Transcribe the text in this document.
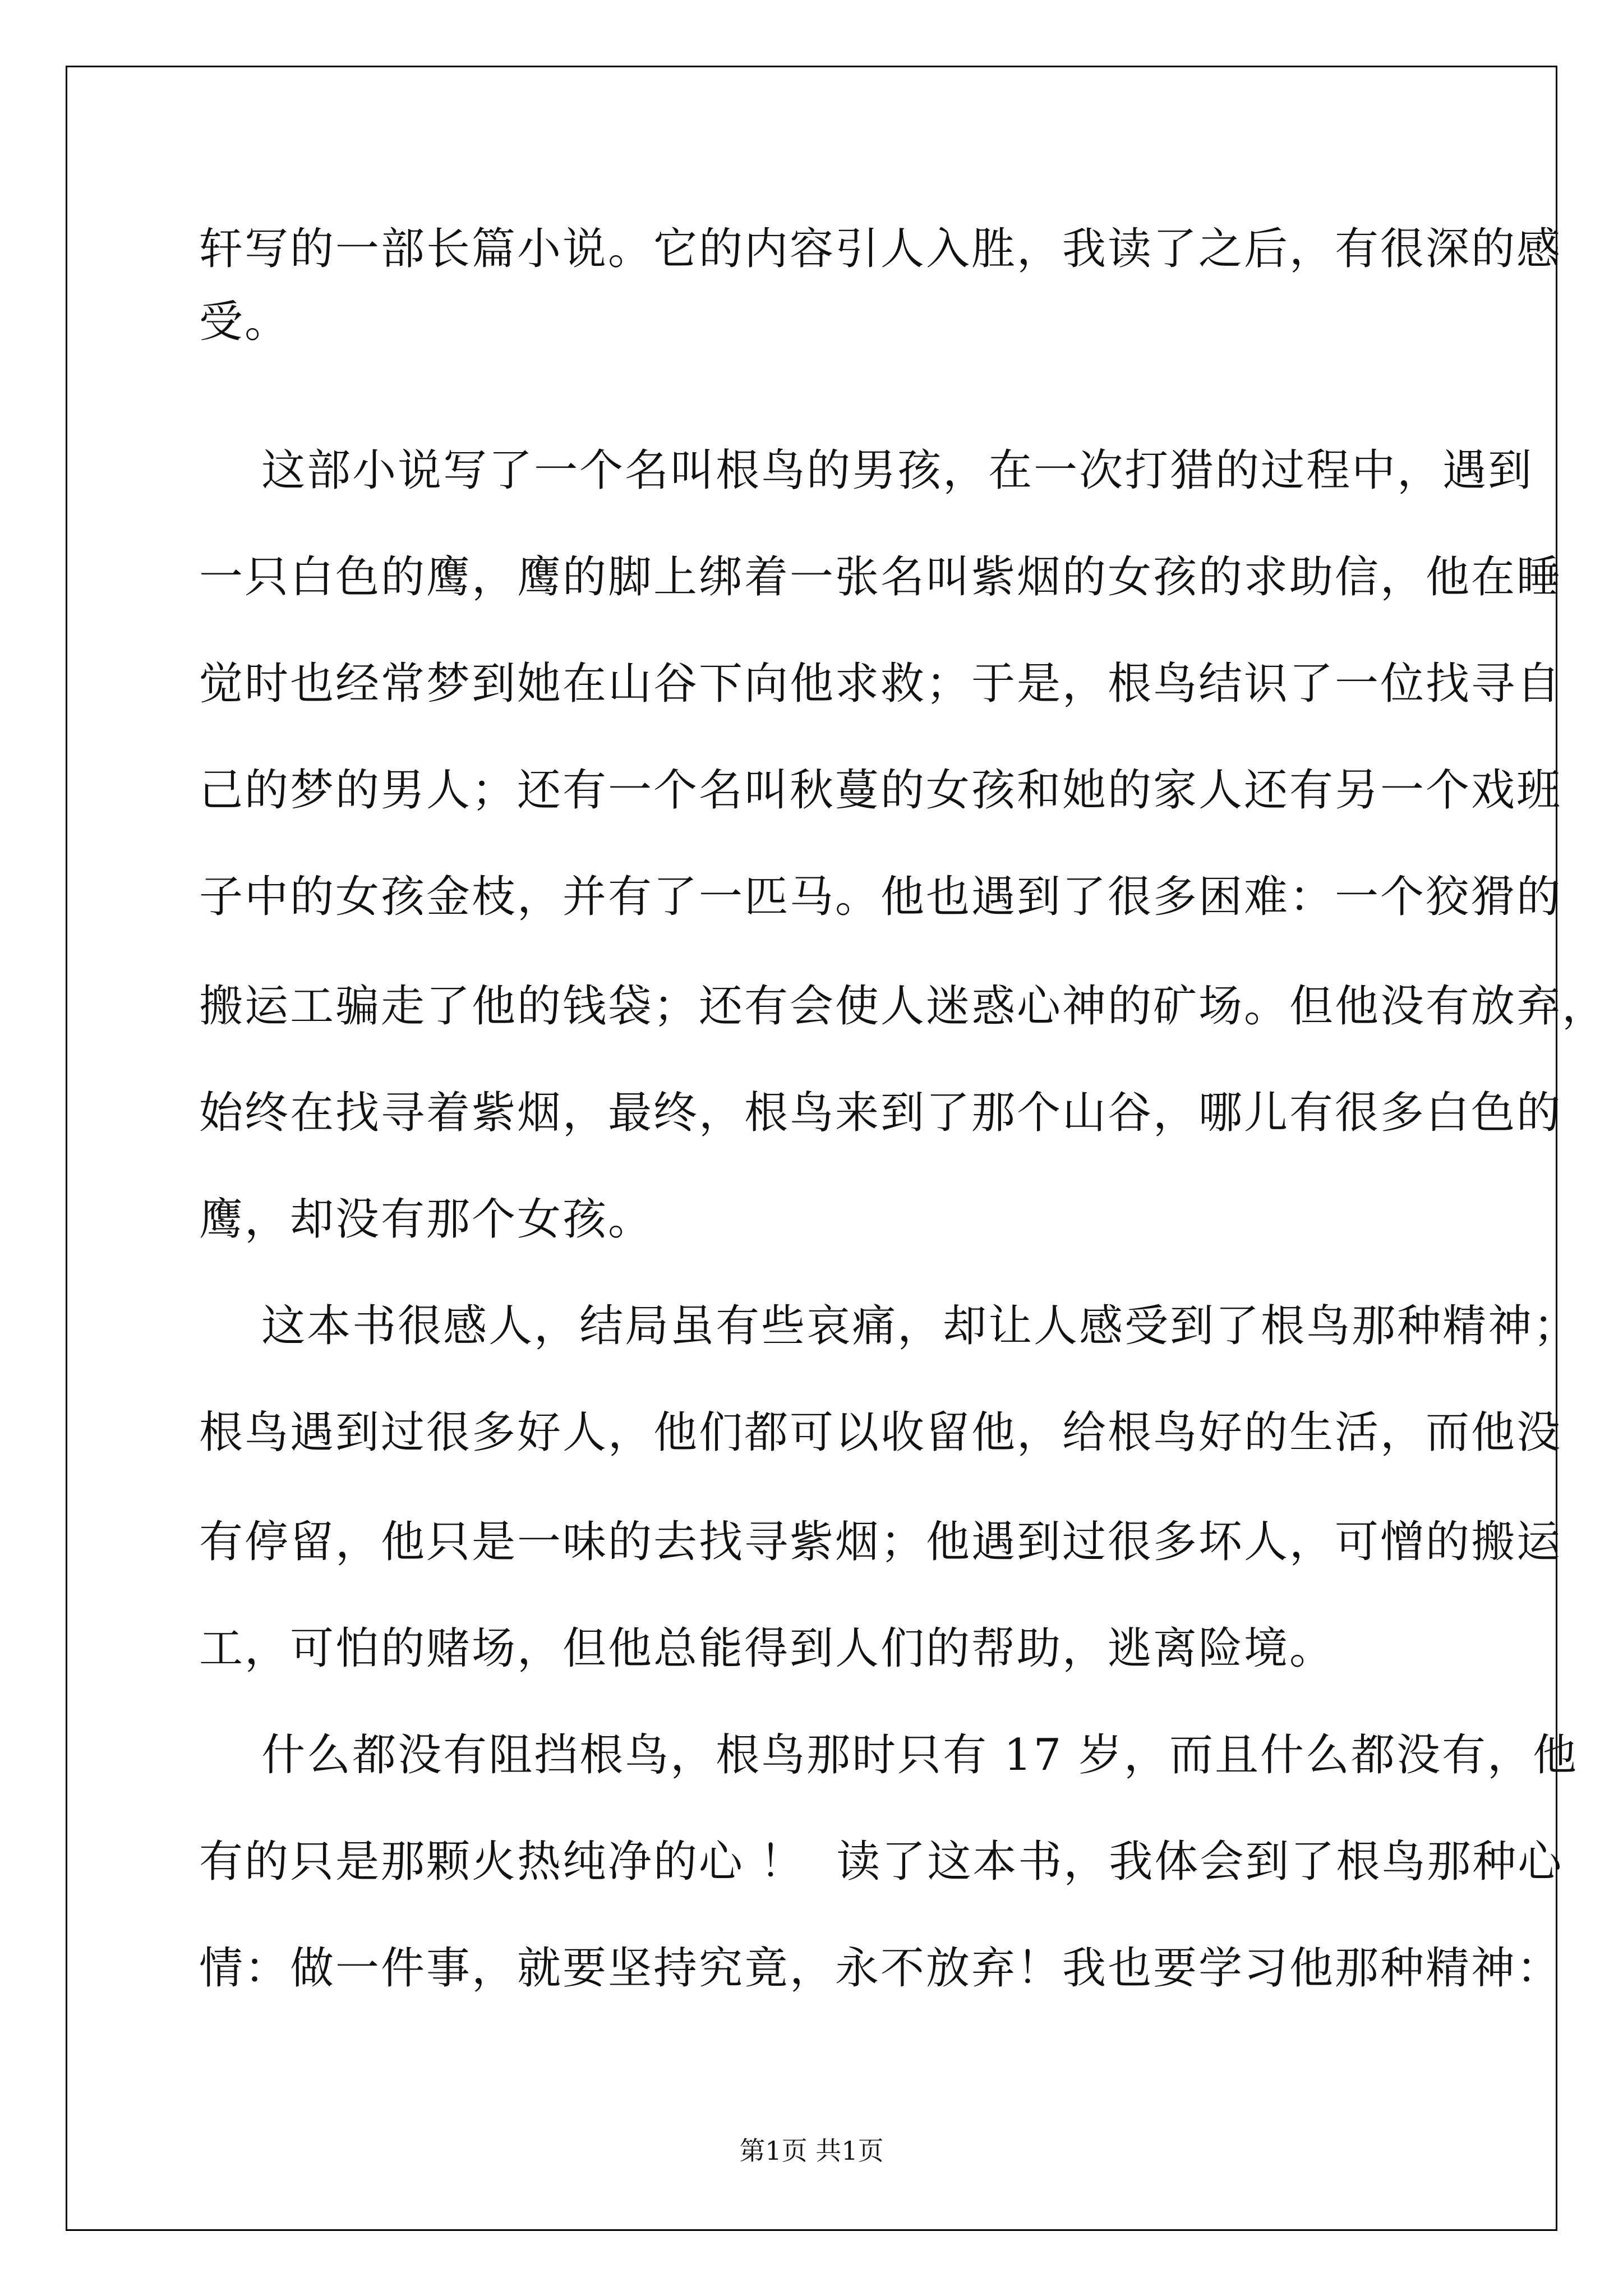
轩写的一部长篇小说。它的内容引人入胜，我读了之后，有很深的感
受。
这部小说写了一个名叫根鸟的男孩，在一次打猎的过程中，遇到
一只白色的鹰，鹰的脚上绑着一张名叫紫烟的女孩的求助信，他在睡
觉时也经常梦到她在山谷下向他求救；于是，根鸟结识了一位找寻自
己的梦的男人；还有一个名叫秋蔓的女孩和她的家人还有另一个戏班
子中的女孩金枝，并有了一匹马。他也遇到了很多困难：一个狡猾的
搬运工骗走了他的钱袋；还有会使人迷惑心神的矿场。但他没有放弃，
始终在找寻着紫烟，最终，根鸟来到了那个山谷，哪儿有很多白色的
鹰，却没有那个女孩。
这本书很感人，结局虽有些哀痛，却让人感受到了根鸟那种精神；
根鸟遇到过很多好人，他们都可以收留他，给根鸟好的生活，而他没
有停留，他只是一味的去找寻紫烟；他遇到过很多坏人，可憎的搬运
工，可怕的赌场，但他总能得到人们的帮助，逃离险境。
什么都没有阻挡根鸟，根鸟那时只有 17 岁，而且什么都没有，他
有的只是那颗火热纯净的心 ！  读了这本书，我体会到了根鸟那种心
情：做一件事，就要坚持究竟，永不放弃！我也要学习他那种精神：
第1页 共1页
